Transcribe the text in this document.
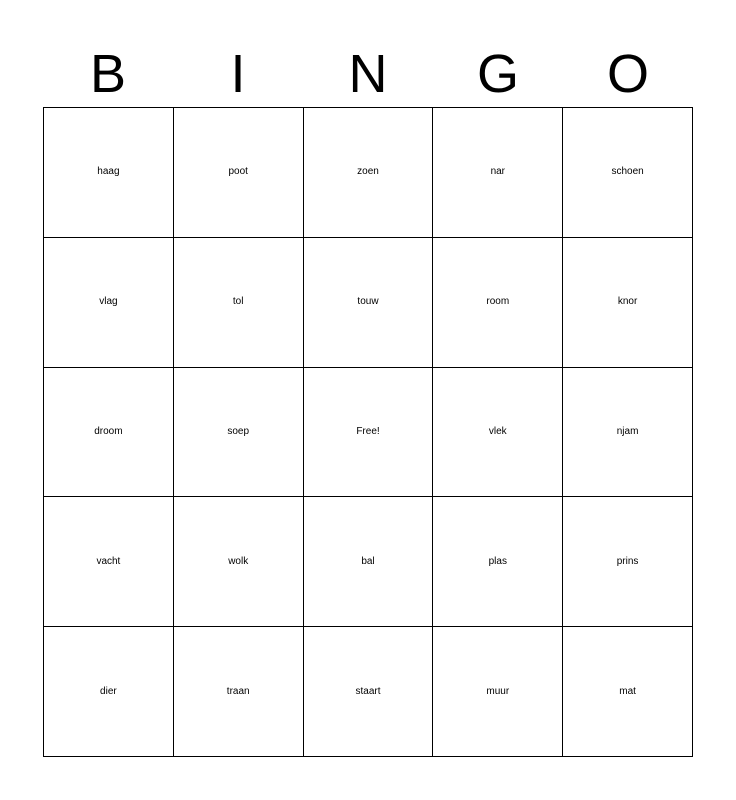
B	I	N	G	O
haag	poot	zoen	nar	schoen
vlag	tol	touw	room	knor
droom	soep	Free!	vlek	njam
vacht	wolk	bal	plas	prins
dier	traan	staart	muur	mat
